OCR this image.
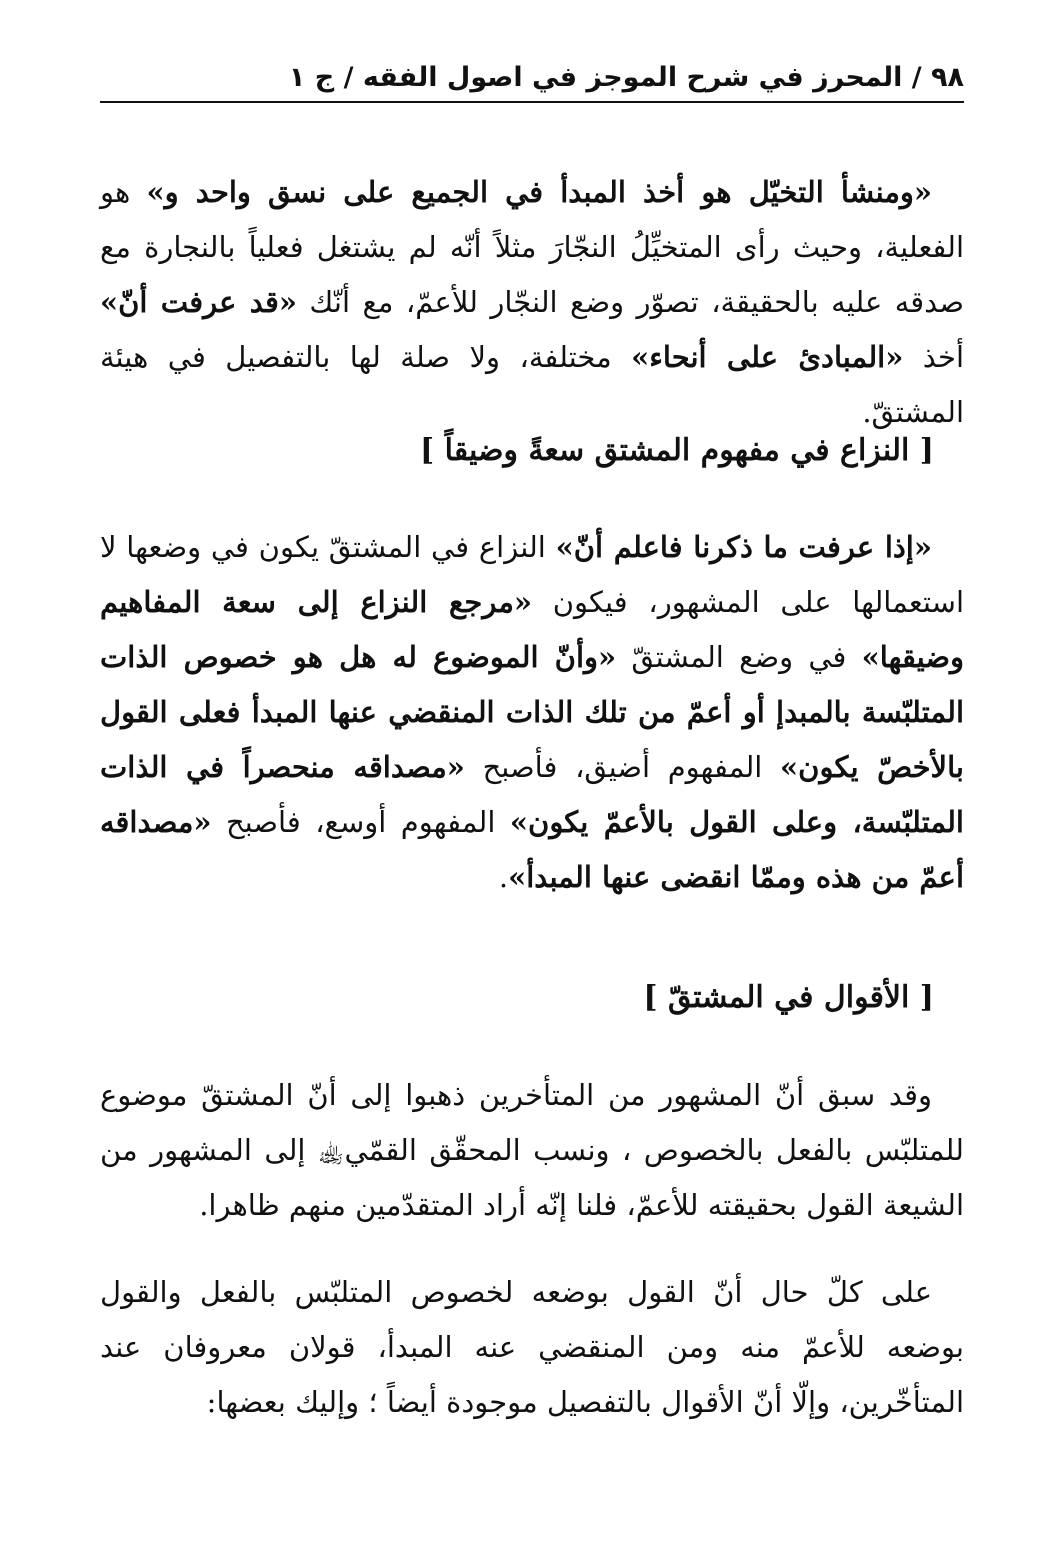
٩٨ / المحرز في شرح الموجز في اصول الفقه / ج ١

«ومنشأ التخيّل هو أخذ المبدأ في الجميع على نسق واحد و» هو الفعلية، وحيث رأى المتخيِّلُ النجّارَ مثلاً أنّه لم يشتغل فعلياً بالنجارة مع صدقه عليه بالحقيقة، تصوّر وضع النجّار للأعمّ، مع أنّك «قد عرفت أنّ» أخذ «المبادئ على أنحاء» مختلفة، ولا صلة لها بالتفصيل في هيئة المشتقّ.

[ النزاع في مفهوم المشتق سعةً وضيقاً ]

«إذا عرفت ما ذكرنا فاعلم أنّ» النزاع في المشتقّ يكون في وضعها لا استعمالها على المشهور، فيكون «مرجع النزاع إلى سعة المفاهيم وضيقها» في وضع المشتقّ «وأنّ الموضوع له هل هو خصوص الذات المتلبّسة بالمبدإ أو أعمّ من تلك الذات المنقضي عنها المبدأ فعلى القول بالأخصّ يكون» المفهوم أضيق، فأصبح «مصداقه منحصراً في الذات المتلبّسة، وعلى القول بالأعمّ يكون» المفهوم أوسع، فأصبح «مصداقه أعمّ من هذه وممّا انقضى عنها المبدأ».

[ الأقوال في المشتقّ ]

وقد سبق أنّ المشهور من المتأخرين ذهبوا إلى أنّ المشتقّ موضوع للمتلبّس بالفعل بالخصوص ، ونسب المحقّق القمّي﵀ إلى المشهور من الشيعة القول بحقيقته للأعمّ، فلنا إنّه أراد المتقدّمين منهم ظاهرا.

على كلّ حال أنّ القول بوضعه لخصوص المتلبّس بالفعل والقول بوضعه للأعمّ منه ومن المنقضي عنه المبدأ، قولان معروفان عند المتأخّرين، وإلّا أنّ الأقوال بالتفصيل موجودة أيضاً ؛ وإليك بعضها:
